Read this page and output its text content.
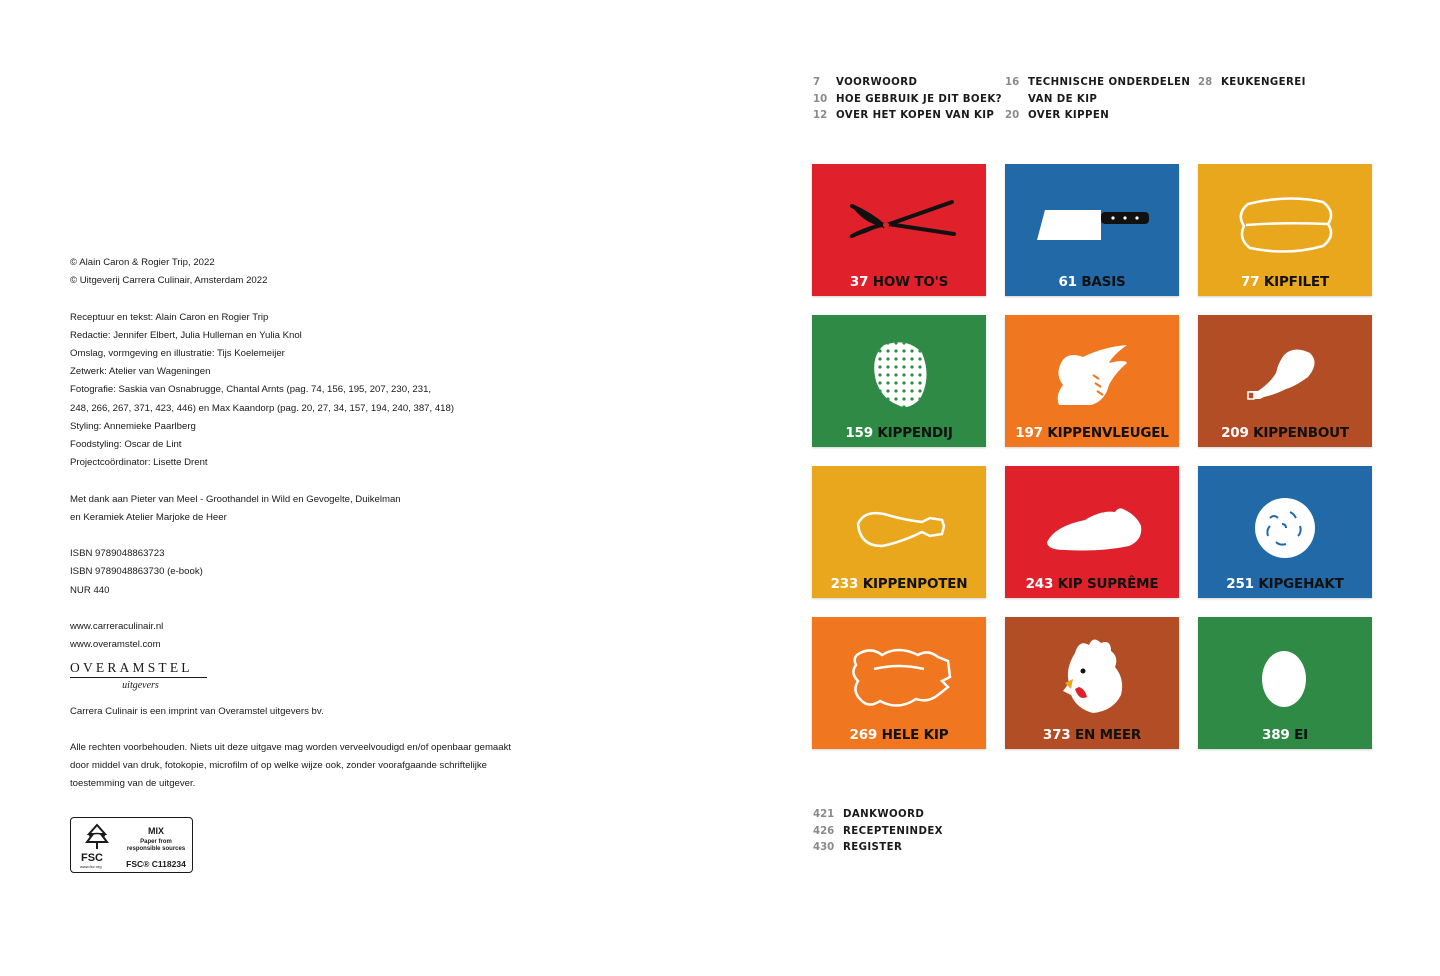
© Alain Caron & Rogier Trip, 2022
© Uitgeverij Carrera Culinair, Amsterdam 2022
Receptuur en tekst: Alain Caron en Rogier Trip
Redactie: Jennifer Elbert, Julia Hulleman en Yulia Knol
Omslag, vormgeving en illustratie: Tijs Koelemeijer
Zetwerk: Atelier van Wageningen
Fotografie: Saskia van Osnabrugge, Chantal Arnts (pag. 74, 156, 195, 207, 230, 231,
248, 266, 267, 371, 423, 446) en Max Kaandorp (pag. 20, 27, 34, 157, 194, 240, 387, 418)
Styling: Annemieke Paarlberg
Foodstyling: Oscar de Lint
Projectcoördinator: Lisette Drent
Met dank aan Pieter van Meel - Groothandel in Wild en Gevogelte, Duikelman
en Keramiek Atelier Marjoke de Heer
ISBN 9789048863723
ISBN 9789048863730 (e-book)
NUR 440
www.carreraculinair.nl
www.overamstel.com
OVERAMSTEL
uitgevers
Carrera Culinair is een imprint van Overamstel uitgevers bv.
Alle rechten voorbehouden. Niets uit deze uitgave mag worden verveelvoudigd en/of openbaar gemaakt
door middel van druk, fotokopie, microfilm of op welke wijze ook, zonder voorafgaande schriftelijke
toestemming van de uitgever.
FSC
www.fsc.org
MIX
Paper from
responsible sources
FSC® C118234
7	VOORWOORD
10 HOE GEBRUIK JE DIT BOEK?
12 OVER HET KOPEN VAN KIP
16 TECHNISCHE ONDERDELEN
VAN DE KIP
20 OVER KIPPEN
28 KEUKENGEREI
37 HOW TO'S	61 BASIS	77 KIPFILET
159 KIPPENDIJ	197 KIPPENVLEUGEL	209 KIPPENBOUT
233 KIPPENPOTEN	243 KIP SUPRÊME	251 KIPGEHAKT
269 HELE KIP	373 EN MEER	389 EI
421 DANKWOORD
426 RECEPTENINDEX
430 REGISTER
